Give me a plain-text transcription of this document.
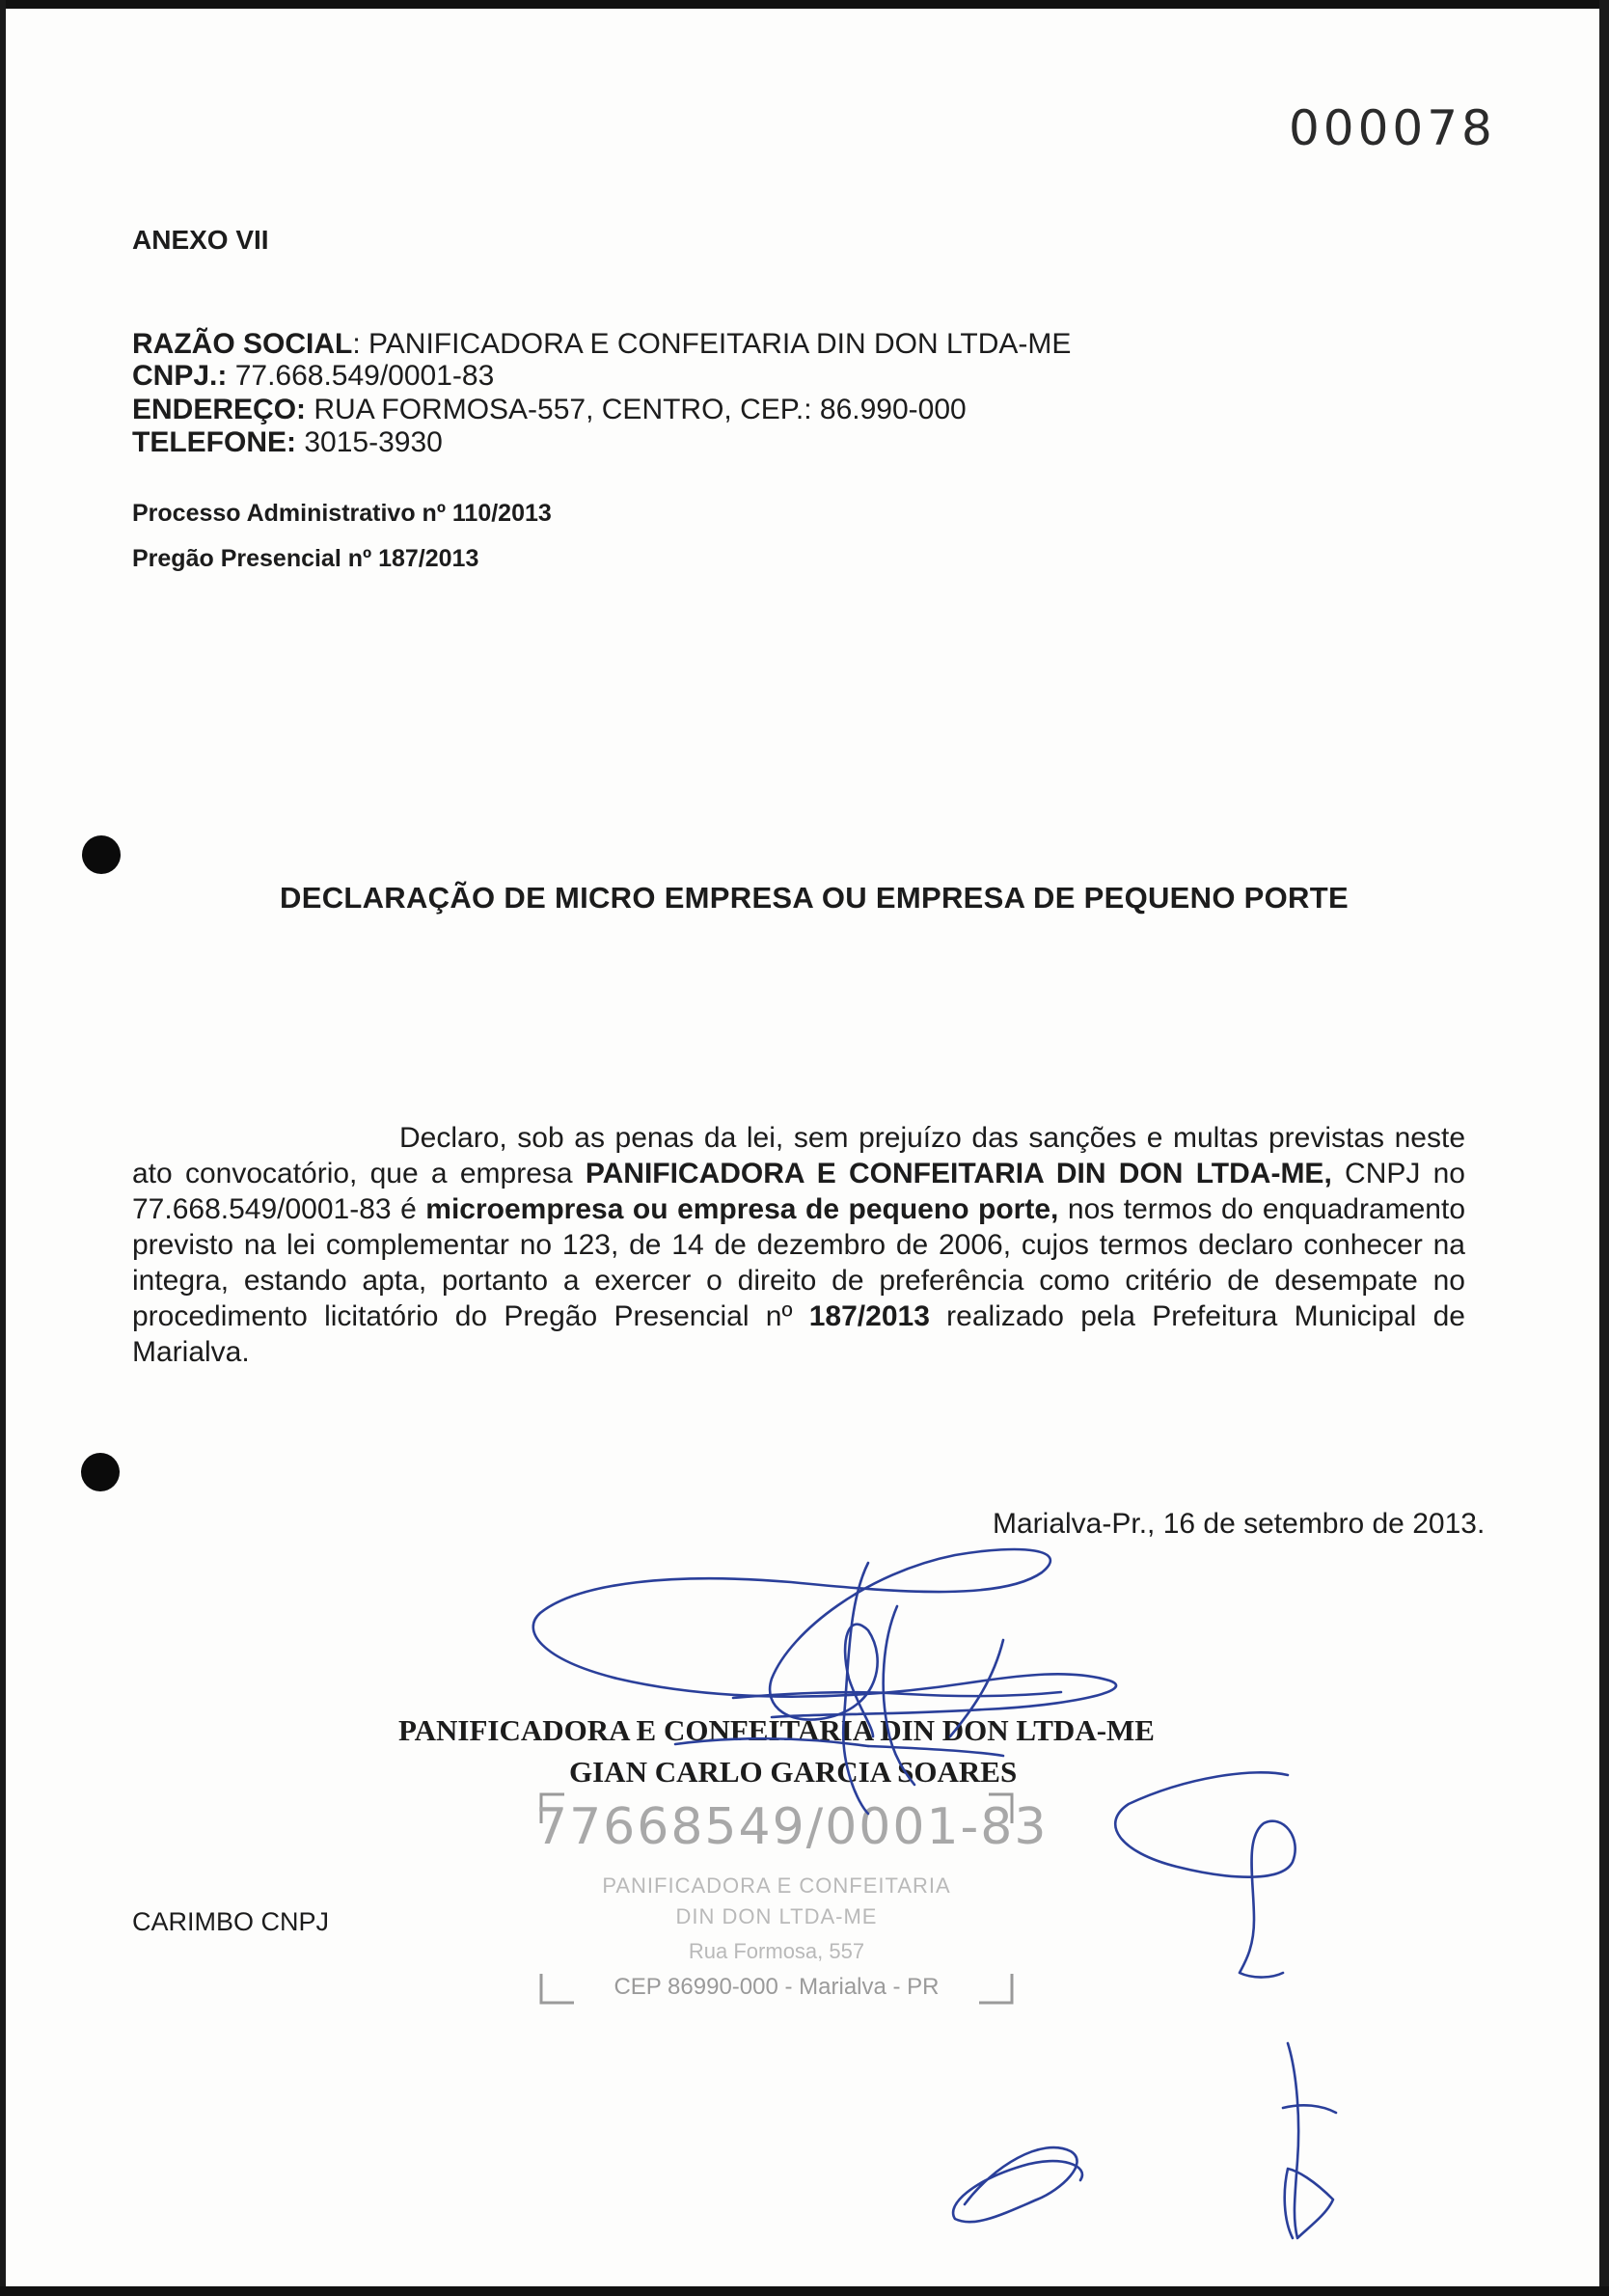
000078
ANEXO VII
RAZÃO SOCIAL: PANIFICADORA E CONFEITARIA DIN DON LTDA-ME
CNPJ.: 77.668.549/0001-83
ENDEREÇO: RUA FORMOSA-557, CENTRO, CEP.: 86.990-000
TELEFONE: 3015-3930
Processo Administrativo nº 110/2013
Pregão Presencial nº 187/2013
DECLARAÇÃO DE MICRO EMPRESA OU EMPRESA DE PEQUENO PORTE

Declaro, sob as penas da lei, sem prejuízo das sanções e multas previstas neste ato convocatório, que a empresa PANIFICADORA E CONFEITARIA DIN DON LTDA-ME, CNPJ no 77.668.549/0001-83 é microempresa ou empresa de pequeno porte, nos termos do enquadramento previsto na lei complementar no 123, de 14 de dezembro de 2006, cujos termos declaro conhecer na integra, estando apta, portanto a exercer o direito de preferência como critério de desempate no procedimento licitatório do Pregão Presencial nº 187/2013 realizado pela Prefeitura Municipal de Marialva.

Marialva-Pr., 16 de setembro de 2013.
77668549/0001-83
PANIFICADORA E CONFEITARIA
DIN DON LTDA-ME
Rua Formosa, 557
CEP 86990-000 - Marialva - PR
PANIFICADORA E CONFEITARIA DIN DON LTDA-ME
GIAN CARLO GARCIA SOARES
CARIMBO CNPJ
